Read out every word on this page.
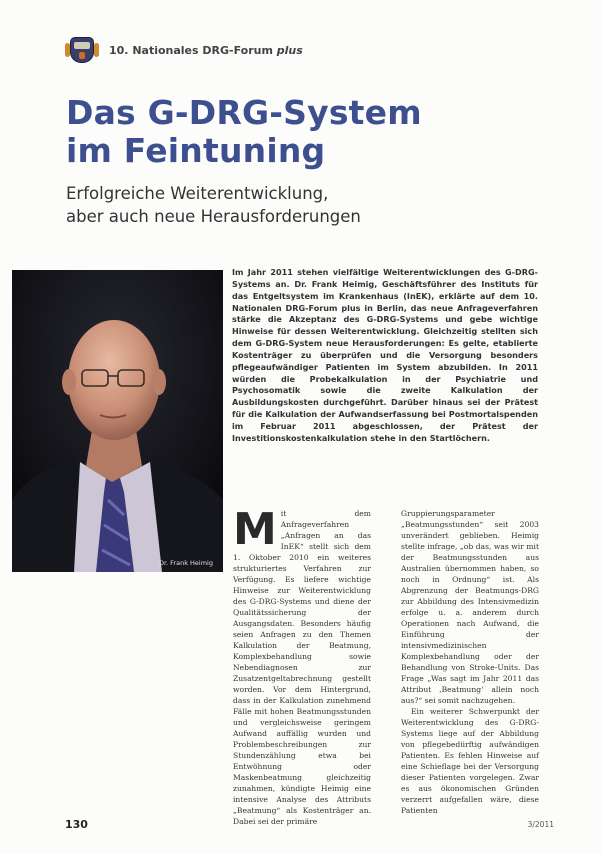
10. Nationales DRG-Forum plus
Das G-DRG-System
im Feintuning
Erfolgreiche Weiterentwicklung,
aber auch neue Herausforderungen
Dr. Frank Heimig

Im Jahr 2011 stehen vielfältige Weiterentwicklungen des G-DRG-Systems an. Dr. Frank Heimig, Geschäftsführer des Instituts für das Entgeltsystem im Krankenhaus (InEK), erklärte auf dem 10. Nationalen DRG-Forum plus in Berlin, das neue Anfrageverfahren stärke die Akzeptanz des G-DRG-Systems und gebe wichtige Hinweise für dessen Weiterentwicklung. Gleichzeitig stellten sich dem G-DRG-System neue Herausforderungen: Es gelte, etablierte Kostenträger zu überprüfen und die Versorgung besonders pflegeaufwändiger Patienten im System abzubilden. In 2011 würden die Probekalkulation in der Psychiatrie und Psychosomatik sowie die zweite Kalkulation der Ausbildungskosten durchgeführt. Darüber hinaus sei der Prätest für die Kalkulation der Aufwandserfassung bei Postmortalspenden im Februar 2011 abgeschlossen, der Prätest der Investitionskostenkalkulation stehe in den Startlöchern.

M it dem Anfrageverfahren „Anfragen an das InEK“ stellt sich dem 1. Oktober 2010 ein weiteres strukturiertes Verfahren zur Verfügung. Es liefere wichtige Hinweise zur Weiterentwicklung des G-DRG-Systems und diene der Qualitätssicherung der Ausgangsdaten. Besonders häufig seien Anfragen zu den Themen Kalkulation der Beatmung, Komplexbehandlung sowie Nebendiagnosen zur Zusatzentgeltabrechnung gestellt worden. Vor dem Hintergrund, dass in der Kalkulation zunehmend Fälle mit hohen Beatmungsstunden und vergleichsweise geringem Aufwand auffällig wurden und Problembeschreibungen zur Stundenzählung etwa bei Entwöhnung oder Maskenbeatmung gleichzeitig zunahmen, kündigte Heimig eine intensive Analyse des Attributs „Beatmung“ als Kostenträger an. Dabei sei der primäre
Gruppierungsparameter „Beatmungsstunden“ seit 2003 unverändert geblieben. Heimig stellte infrage, „ob das, was wir mit der Beatmungsstunden aus Australien übernommen haben, so noch in Ordnung“ ist. Als Abgrenzung der Beatmungs-DRG zur Abbildung des Intensivmedizin erfolge u. a. anderem durch Operationen nach Aufwand, die Einführung der intensivmedizinischen Komplexbehandlung oder der Behandlung von Stroke-Units. Das Frage „Was sagt im Jahr 2011 das Attribut ‚Beatmung‘ allein noch aus?“ sei somit nachzugehen.
Ein weiterer Schwerpunkt der Weiterentwicklung des G-DRG-Systems liege auf der Abbildung von pflegebedürftig aufwändigen Patienten. Es fehlen Hinweise auf eine Schieflage bei der Versorgung dieser Patienten vorgelegen. Zwar es aus ökonomischen Gründen verzerrt aufgefallen wäre, diese Patienten
130	3/2011
